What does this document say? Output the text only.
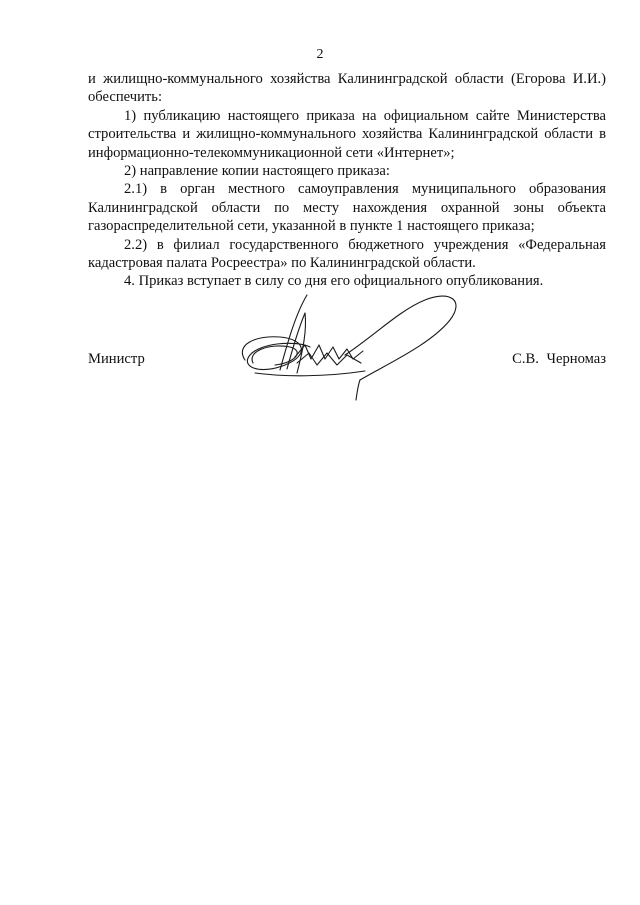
2

и жилищно-коммунального хозяйства Калининградской области (Егорова И.И.) обеспечить:

1) публикацию настоящего приказа на официальном сайте Министерства строительства и жилищно-коммунального хозяйства Калининградской области в информационно-телекоммуникационной сети «Интернет»;

2) направление копии настоящего приказа:

2.1) в орган местного самоуправления муниципального образования Калининградской области по месту нахождения охранной зоны объекта газораспределительной сети, указанной в пункте 1 настоящего приказа;

2.2) в филиал государственного бюджетного учреждения «Федеральная кадастровая палата Росреестра» по Калининградской области.

4. Приказ вступает в силу со дня его официального опубликования.

Министр	С.В. Черномаз
